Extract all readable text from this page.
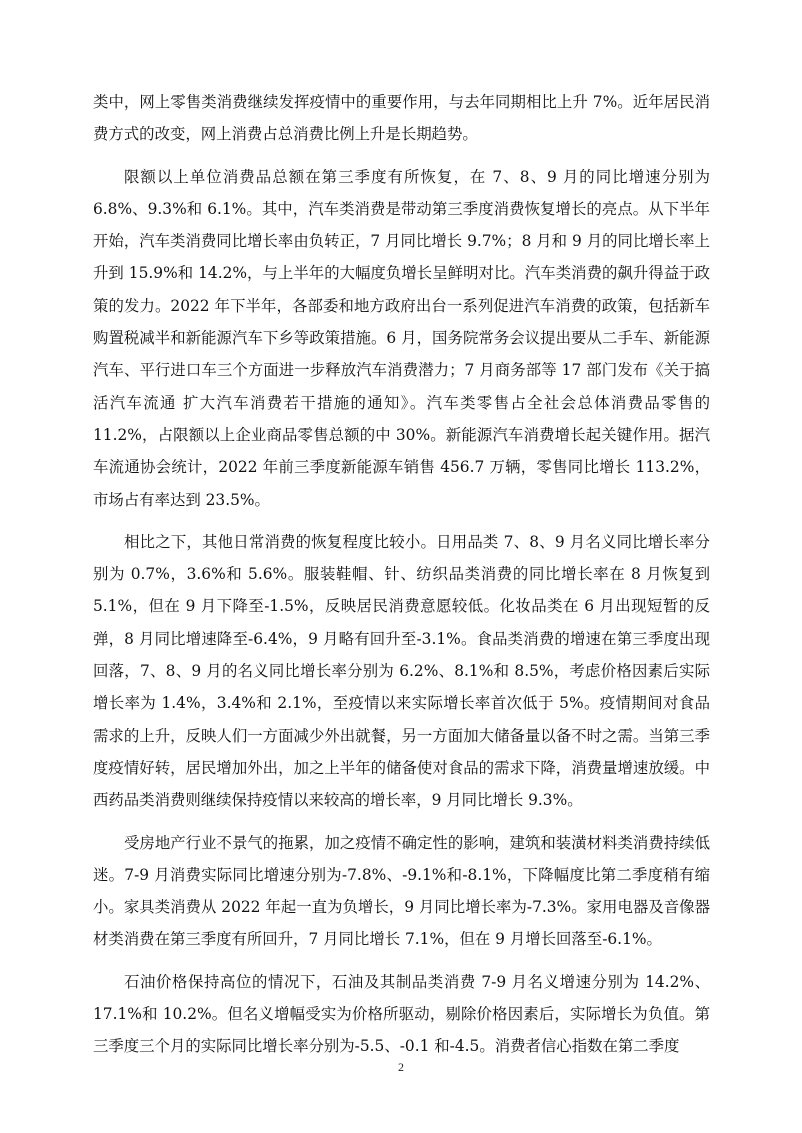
类中，网上零售类消费继续发挥疫情中的重要作用，与去年同期相比上升 7%。近年居民消费方式的改变，网上消费占总消费比例上升是长期趋势。

限额以上单位消费品总额在第三季度有所恢复，在 7、8、9 月的同比增速分别为 6.8%、9.3%和 6.1%。其中，汽车类消费是带动第三季度消费恢复增长的亮点。从下半年开始，汽车类消费同比增长率由负转正，7 月同比增长 9.7%；8 月和 9 月的同比增长率上升到 15.9%和 14.2%，与上半年的大幅度负增长呈鲜明对比。汽车类消费的飙升得益于政策的发力。2022 年下半年，各部委和地方政府出台一系列促进汽车消费的政策，包括新车购置税减半和新能源汽车下乡等政策措施。6 月，国务院常务会议提出要从二手车、新能源汽车、平行进口车三个方面进一步释放汽车消费潜力；7 月商务部等 17 部门发布《关于搞活汽车流通 扩大汽车消费若干措施的通知》。汽车类零售占全社会总体消费品零售的 11.2%，占限额以上企业商品零售总额的中 30%。新能源汽车消费增长起关键作用。据汽车流通协会统计，2022 年前三季度新能源车销售 456.7 万辆，零售同比增长 113.2%，市场占有率达到 23.5%。

相比之下，其他日常消费的恢复程度比较小。日用品类 7、8、9 月名义同比增长率分别为 0.7%，3.6%和 5.6%。服装鞋帽、针、纺织品类消费的同比增长率在 8 月恢复到 5.1%，但在 9 月下降至-1.5%，反映居民消费意愿较低。化妆品类在 6 月出现短暂的反弹，8 月同比增速降至-6.4%，9 月略有回升至-3.1%。食品类消费的增速在第三季度出现回落，7、8、9 月的名义同比增长率分别为 6.2%、8.1%和 8.5%，考虑价格因素后实际增长率为 1.4%，3.4%和 2.1%，至疫情以来实际增长率首次低于 5%。疫情期间对食品需求的上升，反映人们一方面减少外出就餐，另一方面加大储备量以备不时之需。当第三季度疫情好转，居民增加外出，加之上半年的储备使对食品的需求下降，消费量增速放缓。中西药品类消费则继续保持疫情以来较高的增长率，9 月同比增长 9.3%。

受房地产行业不景气的拖累，加之疫情不确定性的影响，建筑和装潢材料类消费持续低迷。7-9 月消费实际同比增速分别为-7.8%、-9.1%和-8.1%，下降幅度比第二季度稍有缩小。家具类消费从 2022 年起一直为负增长，9 月同比增长率为-7.3%。家用电器及音像器材类消费在第三季度有所回升，7 月同比增长 7.1%，但在 9 月增长回落至-6.1%。

石油价格保持高位的情况下，石油及其制品类消费 7-9 月名义增速分别为 14.2%、17.1%和 10.2%。但名义增幅受实为价格所驱动，剔除价格因素后，实际增长为负值。第三季度三个月的实际同比增长率分别为-5.5、-0.1 和-4.5。消费者信心指数在第二季度

2
